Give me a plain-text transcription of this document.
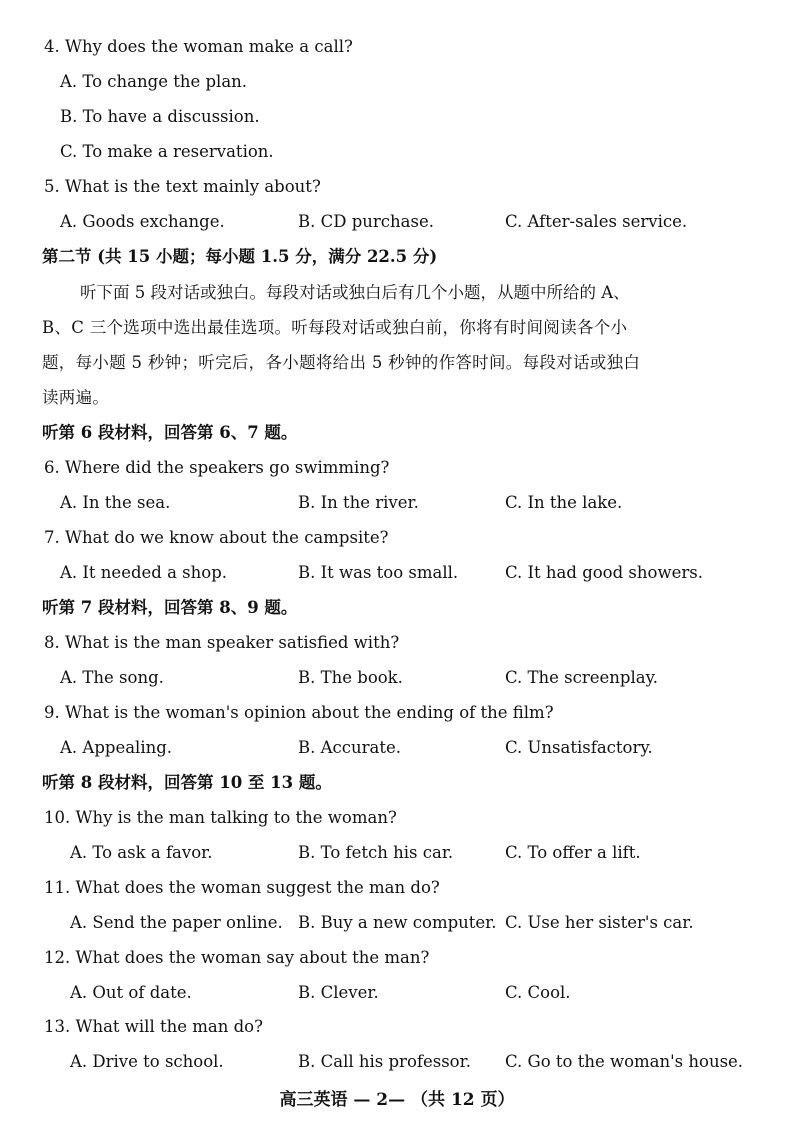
4. Why does the woman make a call?
A. To change the plan.
B. To have a discussion.
C. To make a reservation.
5. What is the text mainly about?
A. Goods exchange.	B. CD purchase.	C. After-sales service.
第二节 (共 15 小题；每小题 1.5 分，满分 22.5 分)
听下面 5 段对话或独白。每段对话或独白后有几个小题，从题中所给的 A、
B、C 三个选项中选出最佳选项。听每段对话或独白前，你将有时间阅读各个小
题，每小题 5 秒钟；听完后，各小题将给出 5 秒钟的作答时间。每段对话或独白
读两遍。
听第 6 段材料，回答第 6、7 题。
6. Where did the speakers go swimming?
A. In the sea.	B. In the river.	C. In the lake.
7. What do we know about the campsite?
A. It needed a shop.	B. It was too small.	C. It had good showers.
听第 7 段材料，回答第 8、9 题。
8. What is the man speaker satisfied with?
A. The song.	B. The book.	C. The screenplay.
9. What is the woman's opinion about the ending of the film?
A. Appealing.	B. Accurate.	C. Unsatisfactory.
听第 8 段材料，回答第 10 至 13 题。
10. Why is the man talking to the woman?
A. To ask a favor.	B. To fetch his car.	C. To offer a lift.
11. What does the woman suggest the man do?
A. Send the paper online. B. Buy a new computer. C. Use her sister's car.
12. What does the woman say about the man?
A. Out of date.	B. Clever.	C. Cool.
13. What will the man do?
A. Drive to school.	B. Call his professor. C. Go to the woman's house.
高三英语 — 2— （共 12 页）
